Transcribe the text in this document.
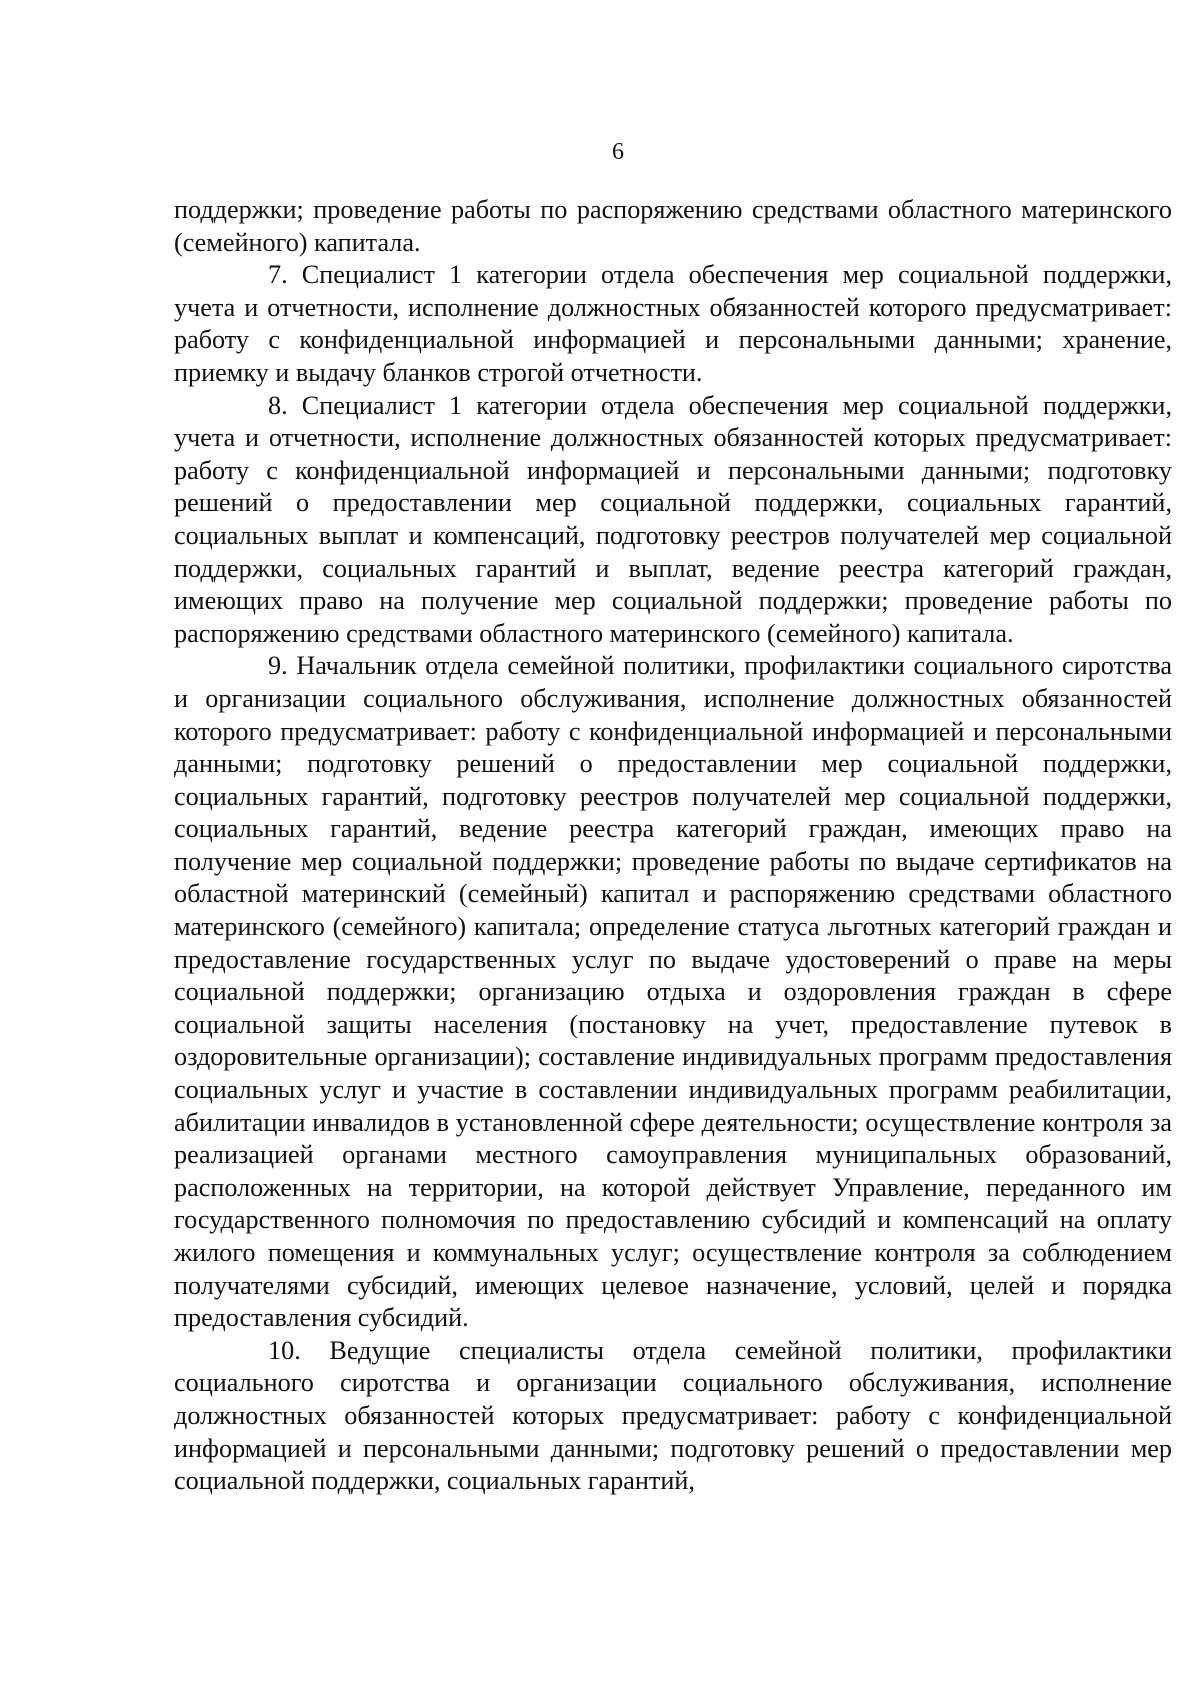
6

поддержки; проведение работы по распоряжению средствами областного материнского (семейного) капитала.

7. Специалист 1 категории отдела обеспечения мер социальной поддержки, учета и отчетности, исполнение должностных обязанностей которого предусматривает: работу с конфиденциальной информацией и персональными данными; хранение, приемку и выдачу бланков строгой отчетности.

8. Специалист 1 категории отдела обеспечения мер социальной поддержки, учета и отчетности, исполнение должностных обязанностей которых предусматривает: работу с конфиденциальной информацией и персональными данными; подготовку решений о предоставлении мер социальной поддержки, социальных гарантий, социальных выплат и компенсаций, подготовку реестров получателей мер социальной поддержки, социальных гарантий и выплат, ведение реестра категорий граждан, имеющих право на получение мер социальной поддержки; проведение работы по распоряжению средствами областного материнского (семейного) капитала.

9. Начальник отдела семейной политики, профилактики социального сиротства и организации социального обслуживания, исполнение должностных обязанностей которого предусматривает: работу с конфиденциальной информацией и персональными данными; подготовку решений о предоставлении мер социальной поддержки, социальных гарантий, подготовку реестров получателей мер социальной поддержки, социальных гарантий, ведение реестра категорий граждан, имеющих право на получение мер социальной поддержки; проведение работы по выдаче сертификатов на областной материнский (семейный) капитал и распоряжению средствами областного материнского (семейного) капитала; определение статуса льготных категорий граждан и предоставление государственных услуг по выдаче удостоверений о праве на меры социальной поддержки; организацию отдыха и оздоровления граждан в сфере социальной защиты населения (постановку на учет, предоставление путевок в оздоровительные организации); составление индивидуальных программ предоставления социальных услуг и участие в составлении индивидуальных программ реабилитации, абилитации инвалидов в установленной сфере деятельности; осуществление контроля за реализацией органами местного самоуправления муниципальных образований, расположенных на территории, на которой действует Управление, переданного им государственного полномочия по предоставлению субсидий и компенсаций на оплату жилого помещения и коммунальных услуг; осуществление контроля за соблюдением получателями субсидий, имеющих целевое назначение, условий, целей и порядка предоставления субсидий.

10. Ведущие специалисты отдела семейной политики, профилактики социального сиротства и организации социального обслуживания, исполнение должностных обязанностей которых предусматривает: работу с конфиденциальной информацией и персональными данными; подготовку решений о предоставлении мер социальной поддержки, социальных гарантий,
